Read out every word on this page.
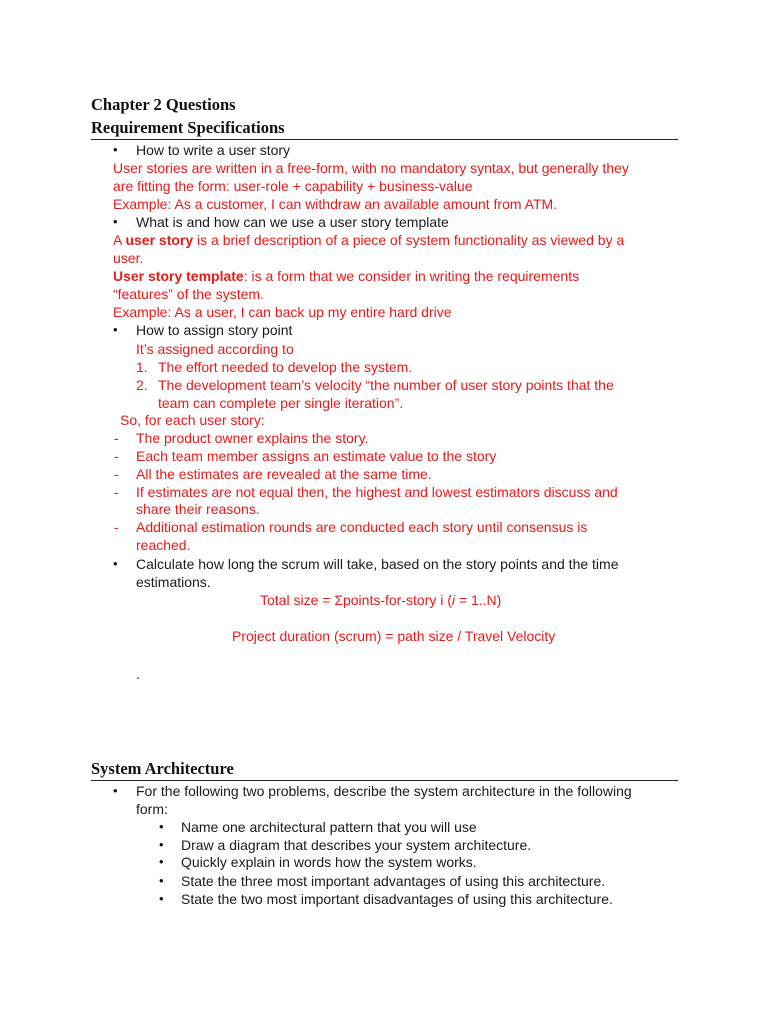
Chapter 2 Questions
Requirement Specifications
•	How to write a user story
User stories are written in a free-form, with no mandatory syntax, but generally they
are fitting the form: user-role + capability + business-value
Example: As a customer, I can withdraw an available amount from ATM.
•	What is and how can we use a user story template
A user story is a brief description of a piece of system functionality as viewed by a
user.
User story template: is a form that we consider in writing the requirements
“features” of the system.
Example: As a user, I can back up my entire hard drive
•	How to assign story point
It’s assigned according to
1. The effort needed to develop the system.
2. The development team’s velocity “the number of user story points that the
team can complete per single iteration”.
So, for each user story:
- The product owner explains the story.
- Each team member assigns an estimate value to the story
- All the estimates are revealed at the same time.
- If estimates are not equal then, the highest and lowest estimators discuss and
share their reasons.
- Additional estimation rounds are conducted each story until consensus is
reached.
•	Calculate how long the scrum will take, based on the story points and the time
estimations.
Total size = Σpoints-for-story i (i = 1..N)
Project duration (scrum) = path size / Travel Velocity
.
System Architecture
•	For the following two problems, describe the system architecture in the following
form:
•	Name one architectural pattern that you will use
•	Draw a diagram that describes your system architecture.
•	Quickly explain in words how the system works.
•	State the three most important advantages of using this architecture.
•	State the two most important disadvantages of using this architecture.
